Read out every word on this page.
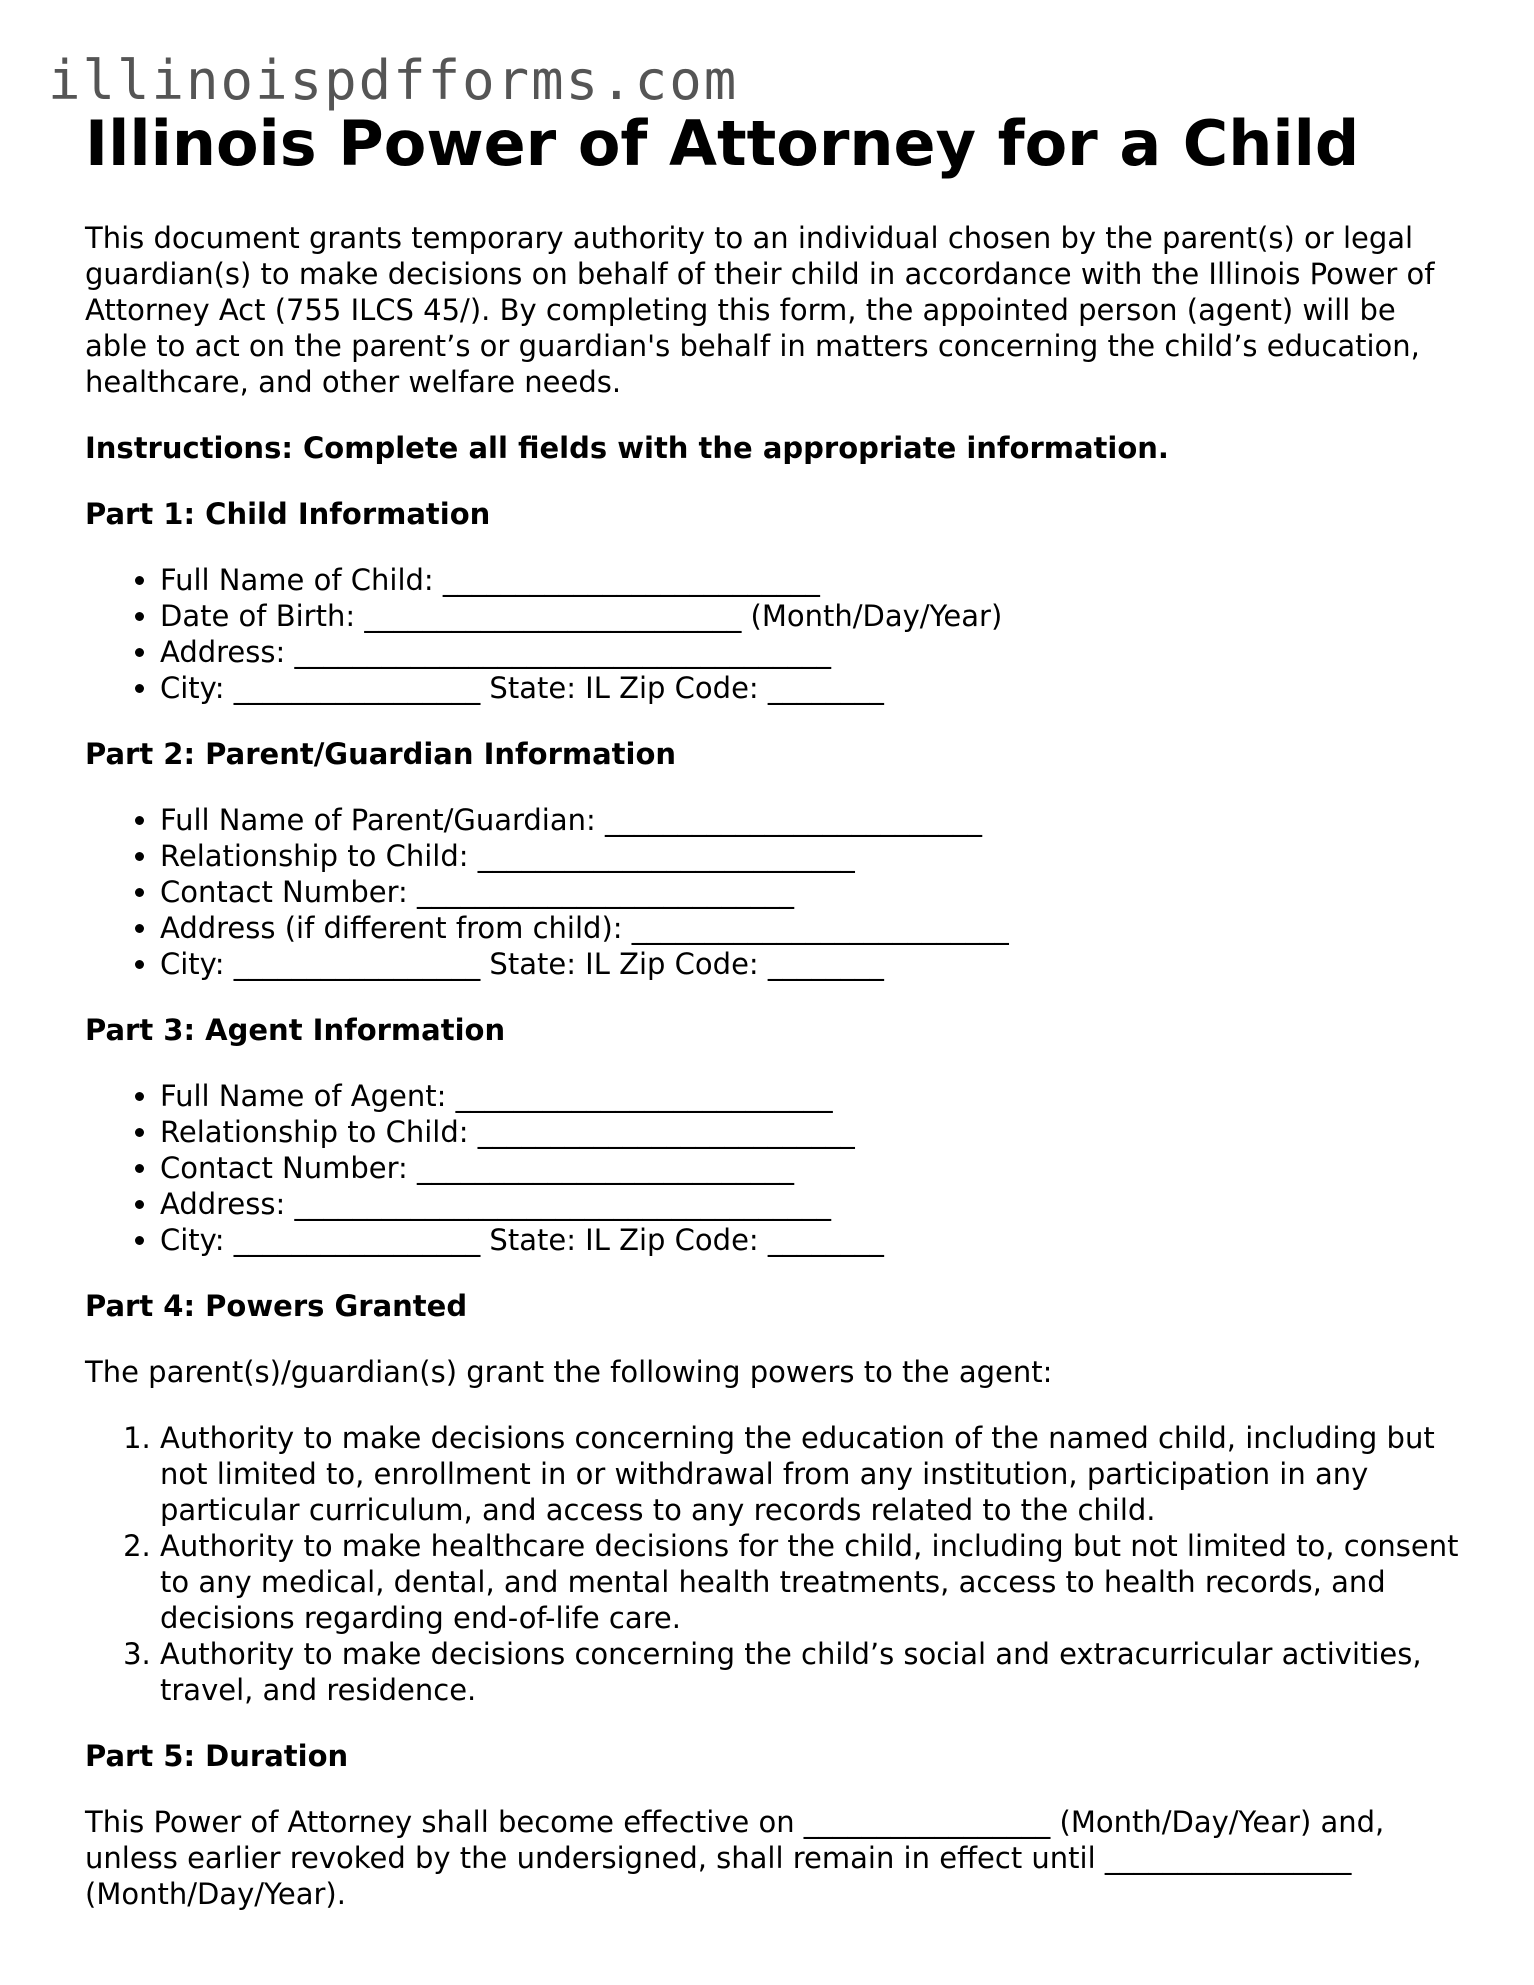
illinoispdfforms.com
Illinois Power of Attorney for a Child

This document grants temporary authority to an individual chosen by the parent(s) or legal guardian(s) to make decisions on behalf of their child in accordance with the Illinois Power of Attorney Act (755 ILCS 45/). By completing this form, the appointed person (agent) will be able to act on the parent’s or guardian's behalf in matters concerning the child’s education, healthcare, and other welfare needs.

Instructions: Complete all fields with the appropriate information.

Part 1: Child Information
• Full Name of Child: __________________________
• Date of Birth: __________________________ (Month/Day/Year)
• Address: _____________________________________
• City: _________________ State: IL Zip Code: ________
Part 2: Parent/Guardian Information
• Full Name of Parent/Guardian: __________________________
• Relationship to Child: __________________________
• Contact Number: __________________________
• Address (if different from child): __________________________
• City: _________________ State: IL Zip Code: ________
Part 3: Agent Information
• Full Name of Agent: __________________________
• Relationship to Child: __________________________
• Contact Number: __________________________
• Address: _____________________________________
• City: _________________ State: IL Zip Code: ________
Part 4: Powers Granted

The parent(s)/guardian(s) grant the following powers to the agent:

1. Authority to make decisions concerning the education of the named child, including but not limited to, enrollment in or withdrawal from any institution, participation in any particular curriculum, and access to any records related to the child.
2. Authority to make healthcare decisions for the child, including but not limited to, consent to any medical, dental, and mental health treatments, access to health records, and decisions regarding end-of-life care.
3. Authority to make decisions concerning the child’s social and extracurricular activities, travel, and residence.
Part 5: Duration

This Power of Attorney shall become effective on _________________ (Month/Day/Year) and, unless earlier revoked by the undersigned, shall remain in effect until _________________ (Month/Day/Year).
